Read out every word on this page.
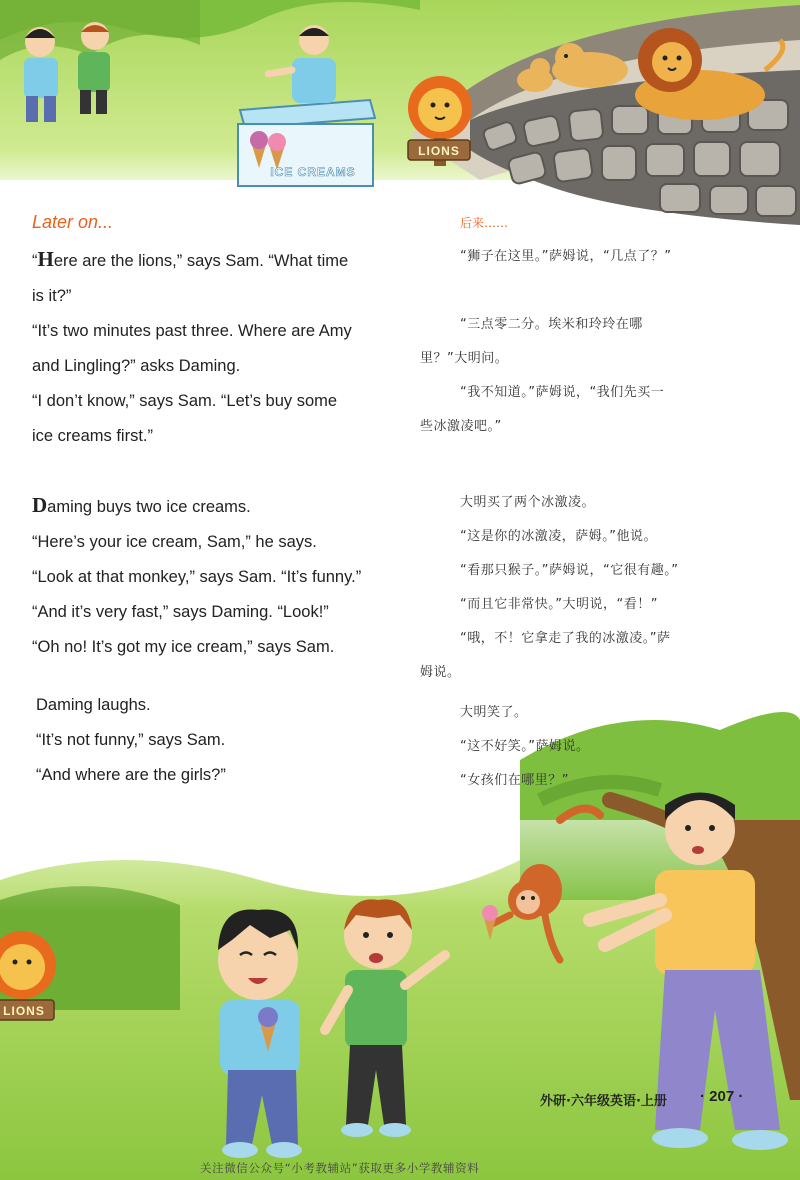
LIONS
ICE CREAMS
LIONS
Later on...	后来……
“Here are the lions,” says Sam. “What time
is it?”
“It’s two minutes past three. Where are Amy
and Lingling?” asks Daming.
“I don’t know,” says Sam. “Let’s buy some
ice creams first.”
Daming buys two ice creams.
“Here’s your ice cream, Sam,” he says.
“Look at that monkey,” says Sam. “It’s funny.”
“And it’s very fast,” says Daming. “Look!”
“Oh no! It’s got my ice cream,” says Sam.
Daming laughs.
“It’s not funny,” says Sam.
“And where are the girls?”
“狮子在这里。”萨姆说，“几点了？”
“三点零二分。埃米和玲玲在哪
里？”大明问。
“我不知道。”萨姆说，“我们先买一
些冰激凌吧。”
大明买了两个冰激凌。
“这是你的冰激凌，萨姆。”他说。
“看那只猴子。”萨姆说，“它很有趣。”
“而且它非常快。”大明说，“看！”
“哦，不！它拿走了我的冰激凌。”萨
姆说。
大明笑了。
“这不好笑。”萨姆说。
“女孩们在哪里？”
外研·六年级英语·上册 · 207 ·
关注微信公众号“小考教辅站”获取更多小学教辅资料
